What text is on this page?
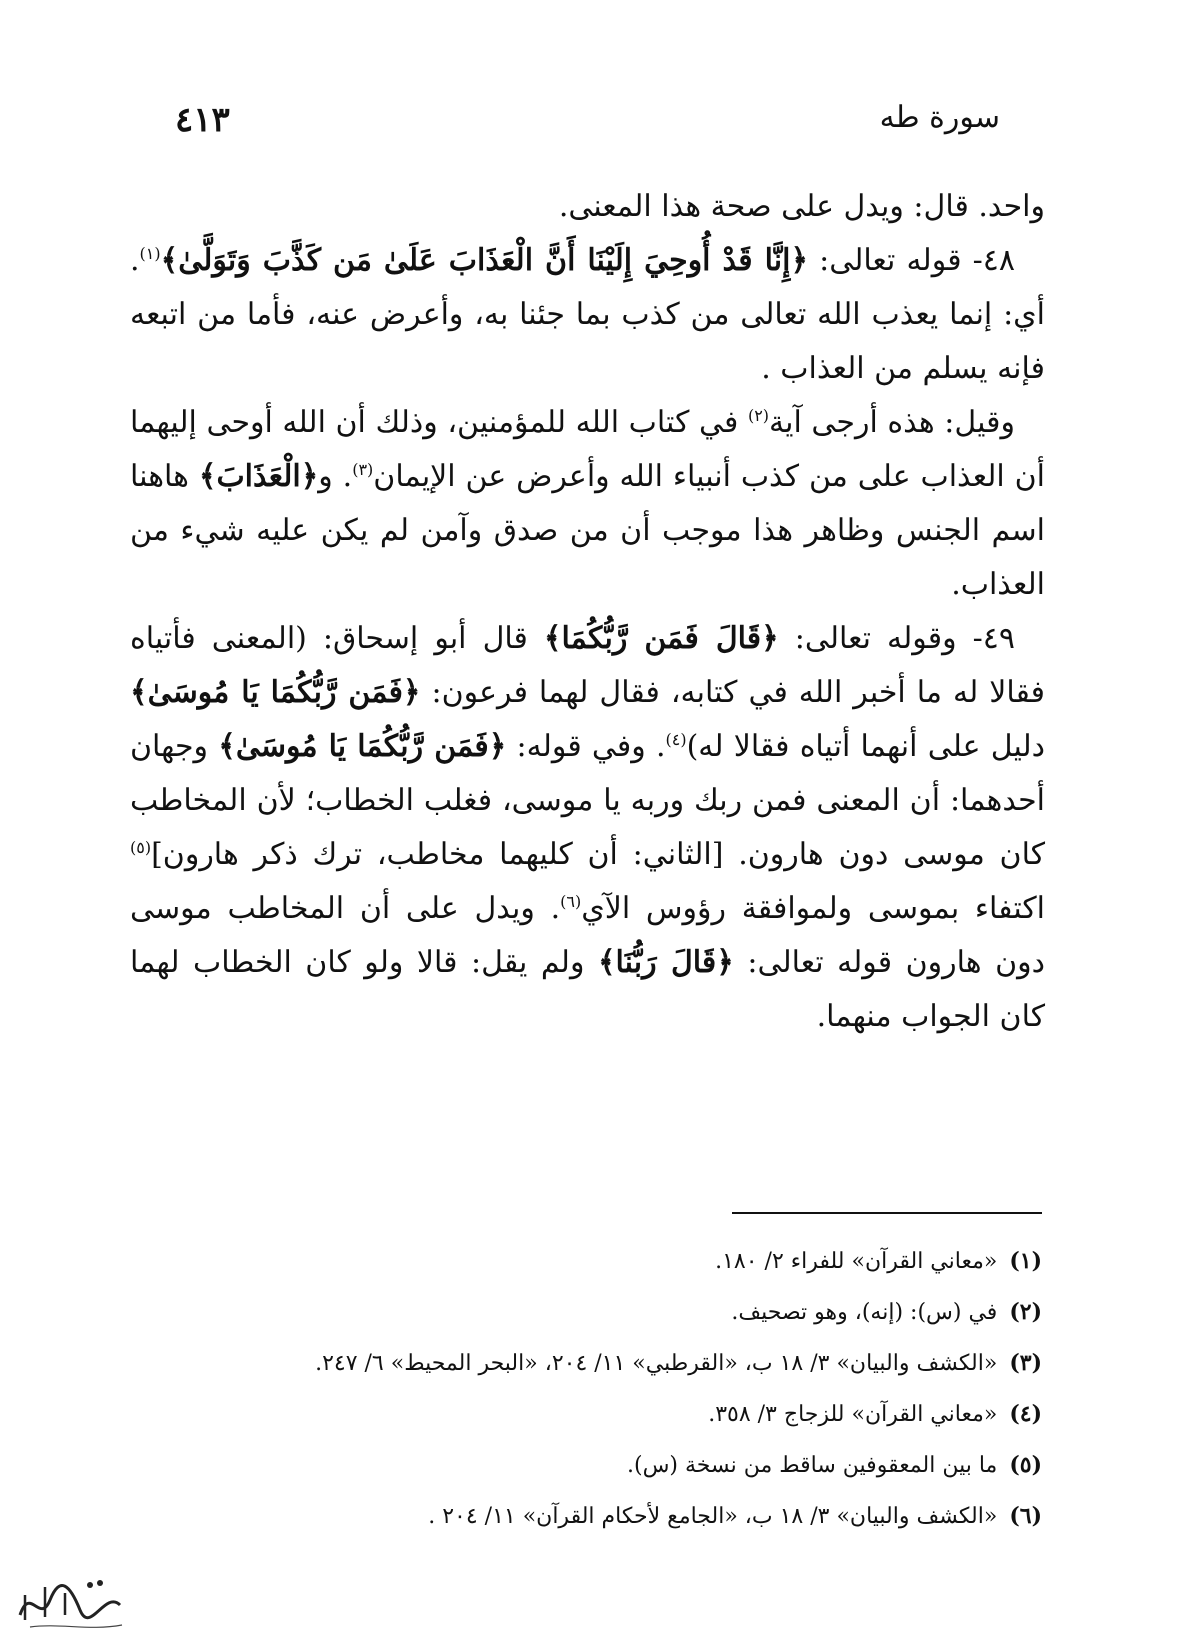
سورة طه
٤١٣

واحد. قال: ويدل على صحة هذا المعنى.

٤٨- قوله تعالى: ﴿إِنَّا قَدْ أُوحِيَ إِلَيْنَا أَنَّ الْعَذَابَ عَلَىٰ مَن كَذَّبَ وَتَوَلَّىٰ﴾$^{(١)}$. أي: إنما يعذب الله تعالى من كذب بما جئنا به، وأعرض عنه، فأما من اتبعه فإنه يسلم من العذاب .

وقيل: هذه أرجى آية$^{(٢)}$ في كتاب الله للمؤمنين، وذلك أن الله أوحى إليهما أن العذاب على من كذب أنبياء الله وأعرض عن الإيمان$^{(٣)}$. و﴿الْعَذَابَ﴾ هاهنا اسم الجنس وظاهر هذا موجب أن من صدق وآمن لم يكن عليه شيء من العذاب.

٤٩- وقوله تعالى: ﴿قَالَ فَمَن رَّبُّكُمَا﴾ قال أبو إسحاق: (المعنى فأتياه فقالا له ما أخبر الله في كتابه، فقال لهما فرعون: ﴿فَمَن رَّبُّكُمَا يَا مُوسَىٰ﴾ دليل على أنهما أتياه فقالا له)$^{(٤)}$. وفي قوله: ﴿فَمَن رَّبُّكُمَا يَا مُوسَىٰ﴾ وجهان أحدهما: أن المعنى فمن ربك وربه يا موسى، فغلب الخطاب؛ لأن المخاطب كان موسى دون هارون. [الثاني: أن كليهما مخاطب، ترك ذكر هارون]$^{(٥)}$ اكتفاء بموسى ولموافقة رؤوس الآي$^{(٦)}$. ويدل على أن المخاطب موسى دون هارون قوله تعالى: ﴿قَالَ رَبُّنَا﴾ ولم يقل: قالا ولو كان الخطاب لهما كان الجواب منهما.

(١)«معاني القرآن» للفراء ٢/ ١٨٠.
(٢)في (س): (إنه)، وهو تصحيف.
(٣)«الكشف والبيان» ٣/ ١٨ ب، «القرطبي» ١١/ ٢٠٤، «البحر المحيط» ٦/ ٢٤٧.
(٤)«معاني القرآن» للزجاج ٣/ ٣٥٨.
(٥)ما بين المعقوفين ساقط من نسخة (س).
(٦)«الكشف والبيان» ٣/ ١٨ ب، «الجامع لأحكام القرآن» ١١/ ٢٠٤ .
